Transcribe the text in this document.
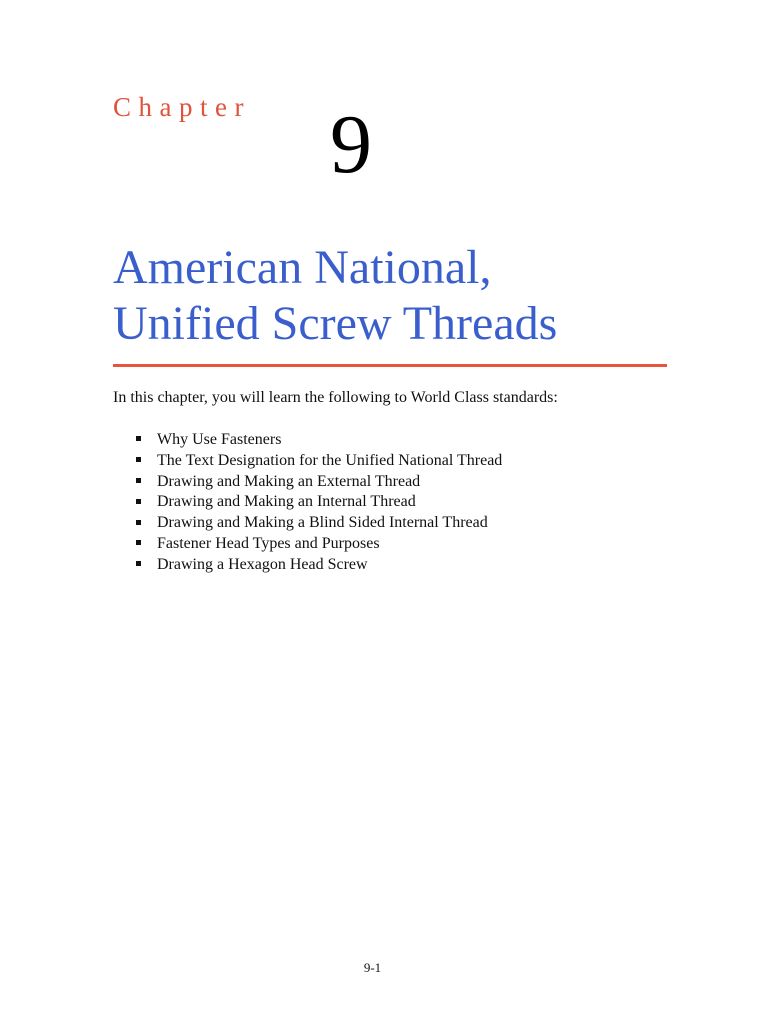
Chapter 9
American National,
Unified Screw Threads

In this chapter, you will learn the following to World Class standards:

Why Use Fasteners
The Text Designation for the Unified National Thread
Drawing and Making an External Thread
Drawing and Making an Internal Thread
Drawing and Making a Blind Sided Internal Thread
Fastener Head Types and Purposes
Drawing a Hexagon Head Screw
9-1
